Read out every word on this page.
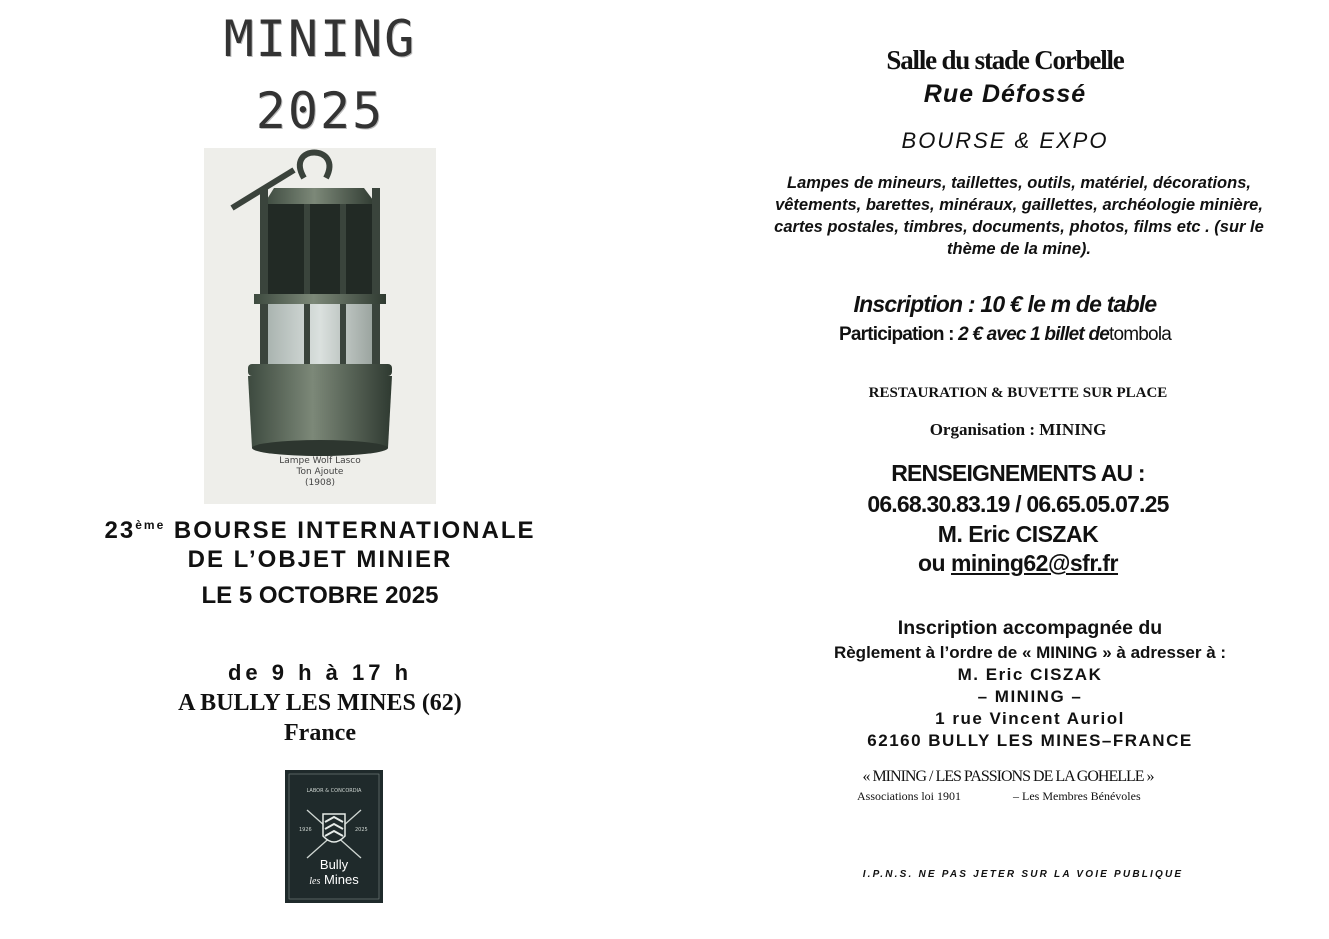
MINING
2025
Lampe Wolf Lasco
Ton Ajoute
(1908)
23ème BOURSE INTERNATIONALE
DE L’OBJET MINIER
LE 5 OCTOBRE 2025
de 9 h à 17 h
A BULLY LES MINES (62)
France
LABOR & CONCORDIA
1926	2025
Bully
les Mines
Salle du stade Corbelle
Rue Défossé
BOURSE & EXPO
Lampes de mineurs, taillettes, outils, matériel, décorations,
vêtements, barettes, minéraux, gaillettes, archéologie minière,
cartes postales, timbres, documents, photos, films etc . (sur le
thème de la mine).
Inscription : 10 € le m de table
Participation : 2 € avec 1 billet detombola
RESTAURATION & BUVETTE SUR PLACE
Organisation : MINING
RENSEIGNEMENTS AU :
06.68.30.83.19 / 06.65.05.07.25
M. Eric CISZAK
ou mining62@sfr.fr
Inscription accompagnée du
Règlement à l’ordre de « MINING » à adresser à :
M. Eric CISZAK
– MINING –
1 rue Vincent Auriol
62160 BULLY LES MINES–FRANCE
« MINING / LES PASSIONS DE LA GOHELLE »
Associations loi 1901	– Les Membres Bénévoles
I.P.N.S. NE PAS JETER SUR LA VOIE PUBLIQUE
